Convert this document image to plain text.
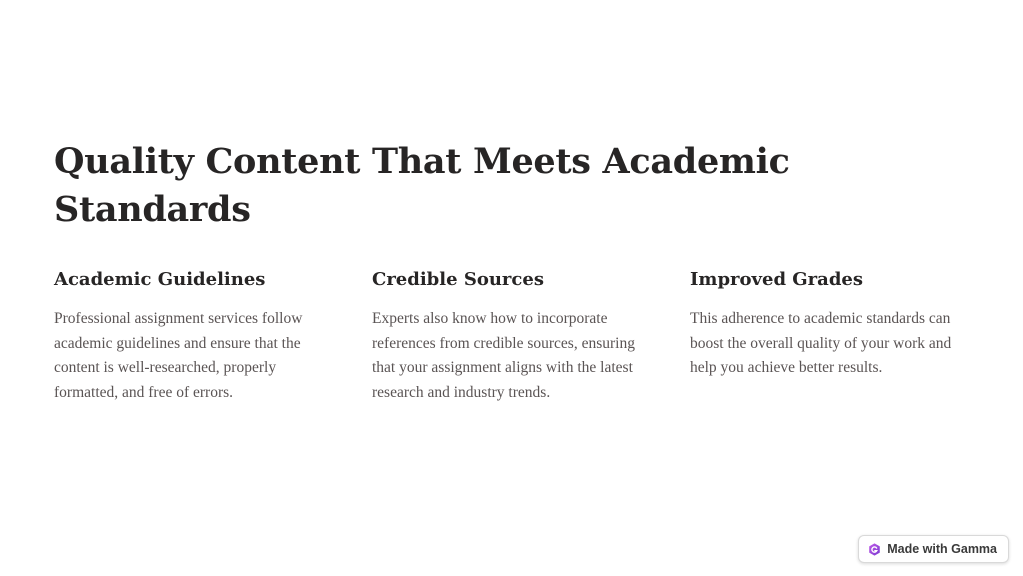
Quality Content That Meets Academic Standards
Academic Guidelines

Professional assignment services follow academic guidelines and ensure that the content is well-researched, properly formatted, and free of errors.

Credible Sources

Experts also know how to incorporate references from credible sources, ensuring that your assignment aligns with the latest research and industry trends.

Improved Grades

This adherence to academic standards can boost the overall quality of your work and help you achieve better results.

Made with Gamma
